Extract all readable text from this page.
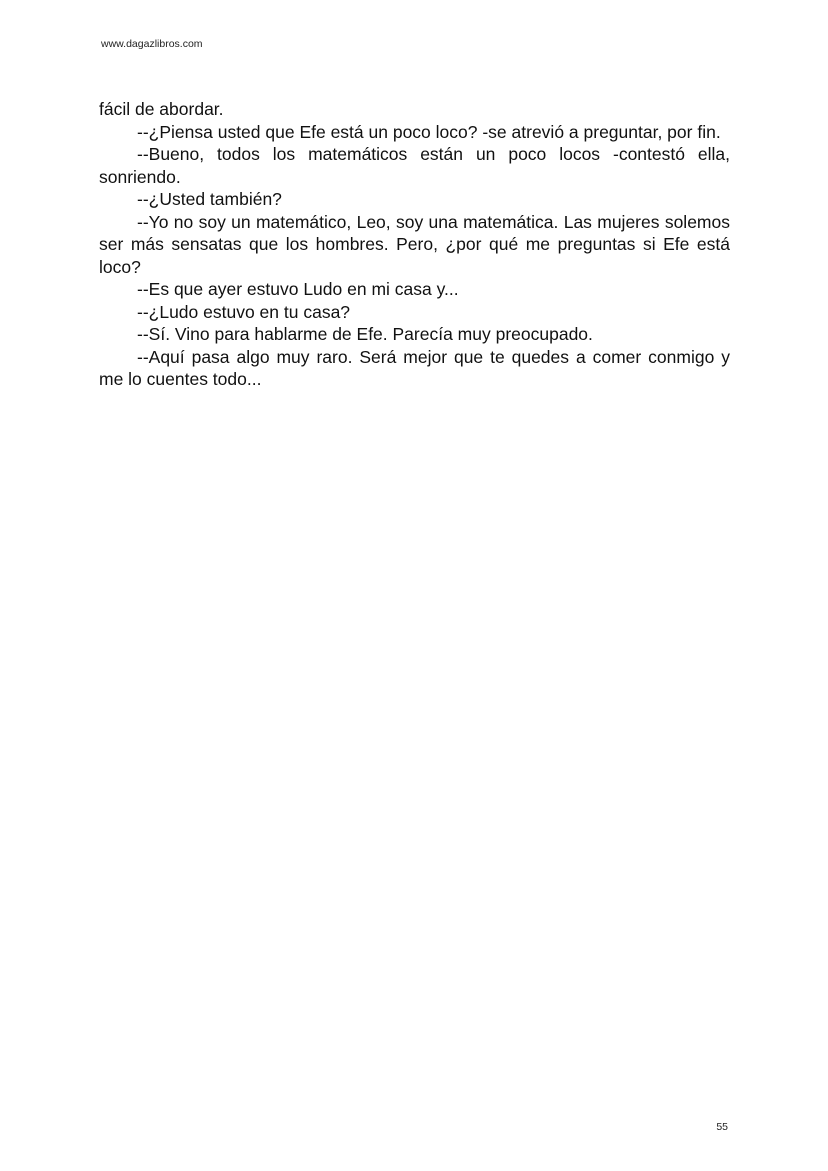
www.dagazlibros.com

fácil de abordar.

--¿Piensa usted que Efe está un poco loco? -se atrevió a preguntar, por fin.

--Bueno, todos los matemáticos están un poco locos -contestó ella, sonriendo.

--¿Usted también?

--Yo no soy un matemático, Leo, soy una matemática. Las mujeres solemos ser más sensatas que los hombres. Pero, ¿por qué me preguntas si Efe está loco?

--Es que ayer estuvo Ludo en mi casa y...

--¿Ludo estuvo en tu casa?

--Sí. Vino para hablarme de Efe. Parecía muy preocupado.

--Aquí pasa algo muy raro. Será mejor que te quedes a comer conmigo y me lo cuentes todo...

55
